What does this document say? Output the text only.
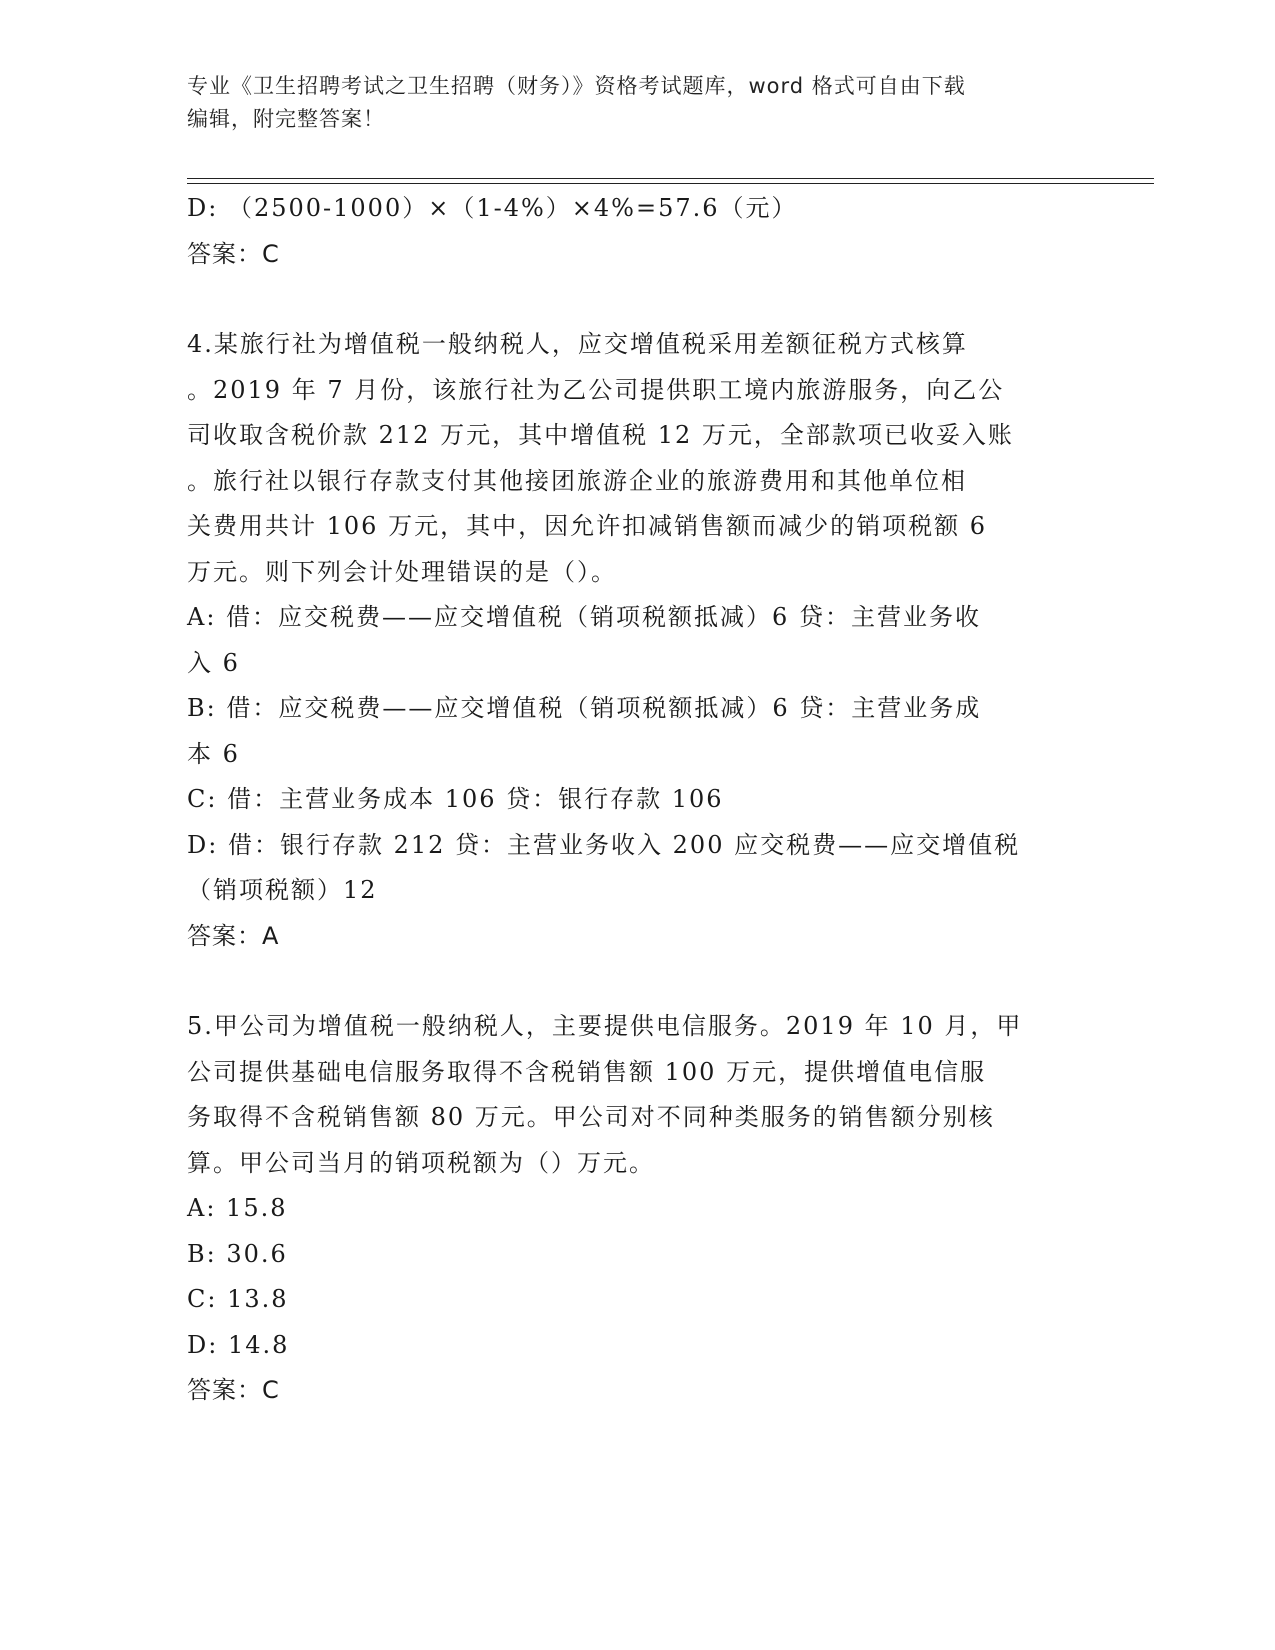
专业《卫生招聘考试之卫生招聘（财务）》资格考试题库，word 格式可自由下载
编辑，附完整答案！

D: （2500-1000）×（1-4%）×4%=57.6（元）

答案：C

4.某旅行社为增值税一般纳税人，应交增值税采用差额征税方式核算

。2019 年 7 月份，该旅行社为乙公司提供职工境内旅游服务，向乙公

司收取含税价款 212 万元，其中增值税 12 万元，全部款项已收妥入账

。旅行社以银行存款支付其他接团旅游企业的旅游费用和其他单位相

关费用共计 106 万元，其中，因允许扣减销售额而减少的销项税额 6

万元。则下列会计处理错误的是（）。

A: 借：应交税费——应交增值税（销项税额抵减）6 贷：主营业务收

入 6

B: 借：应交税费——应交增值税（销项税额抵减）6 贷：主营业务成

本 6

C: 借：主营业务成本 106 贷：银行存款 106

D: 借：银行存款 212 贷：主营业务收入 200 应交税费——应交增值税

（销项税额）12

答案：A

5.甲公司为增值税一般纳税人，主要提供电信服务。2019 年 10 月，甲

公司提供基础电信服务取得不含税销售额 100 万元，提供增值电信服

务取得不含税销售额 80 万元。甲公司对不同种类服务的销售额分别核

算。甲公司当月的销项税额为（）万元。

A: 15.8

B: 30.6

C: 13.8

D: 14.8

答案：C
